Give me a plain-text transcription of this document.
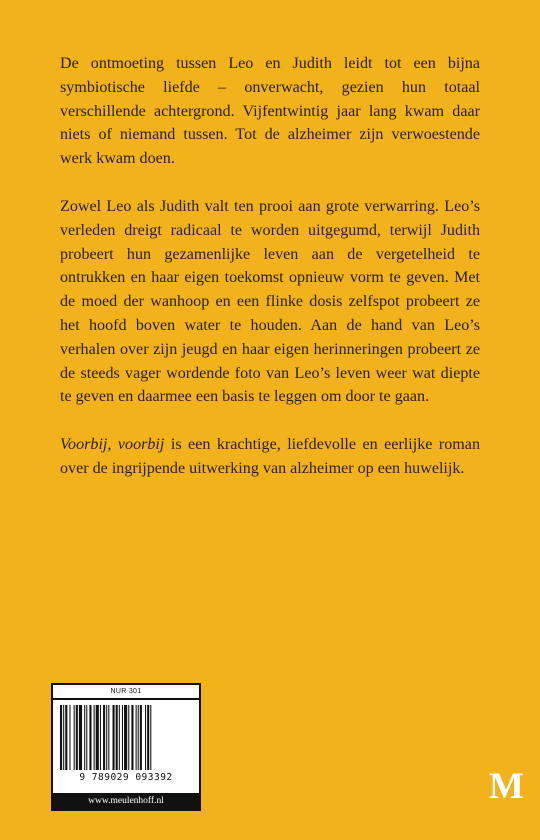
De ontmoeting tussen Leo en Judith leidt tot een bijna symbiotische liefde – onverwacht, gezien hun totaal verschillende achtergrond. Vijfentwintig jaar lang kwam daar niets of niemand tussen. Tot de alzheimer zijn verwoestende werk kwam doen.

Zowel Leo als Judith valt ten prooi aan grote verwarring. Leo’s verleden dreigt radicaal te worden uitgegumd, terwijl Judith probeert hun gezamenlijke leven aan de vergetelheid te ontrukken en haar eigen toekomst opnieuw vorm te geven. Met de moed der wanhoop en een flinke dosis zelfspot probeert ze het hoofd boven water te houden. Aan de hand van Leo’s verhalen over zijn jeugd en haar eigen herinneringen probeert ze de steeds vager wordende foto van Leo’s leven weer wat diepte te geven en daarmee een basis te leggen om door te gaan.

Voorbij, voorbij is een krachtige, liefdevolle en eerlijke roman over de ingrijpende uitwerking van alzheimer op een huwelijk.

NUR 301
9 789029 093392
www.meulenhoff.nl	M
